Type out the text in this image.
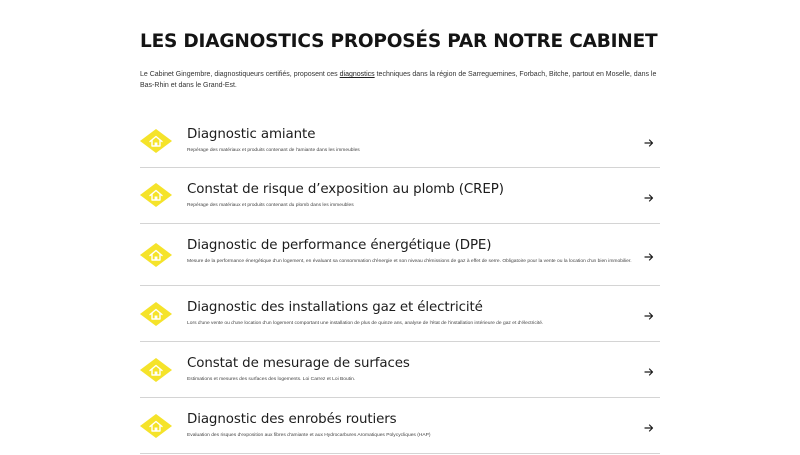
LES DIAGNOSTICS PROPOSÉS PAR NOTRE CABINET

Le Cabinet Gingembre, diagnostiqueurs certifiés, proposent ces diagnostics techniques dans la région de Sarreguemines, Forbach, Bitche, partout en Moselle, dans le Bas-Rhin et dans le Grand-Est.

Diagnostic amiante
Repérage des matériaux et produits contenant de l'amiante dans les immeubles
Constat de risque d’exposition au plomb (CREP)
Repérage des matériaux et produits contenant du plomb dans les immeubles
Diagnostic de performance énergétique (DPE)
Mesure de la performance énergétique d'un logement, en évaluant sa consommation d'énergie et son niveau d'émissions de gaz à effet de serre. Obligatoire pour la vente ou la location d'un bien immobilier.
Diagnostic des installations gaz et électricité
Lors d'une vente ou d'une location d'un logement comportant une installation de plus de quinze ans, analyse de l'état de l'installation intérieure de gaz et d'électricité.
Constat de mesurage de surfaces
Estimations et mesures des surfaces des logements. Loi Carrez et Loi Boutin.
Diagnostic des enrobés routiers
Evaluation des risques d'exposition aux fibres d'amiante et aux Hydrocarbures Aromatiques Polycycliques (HAP)
